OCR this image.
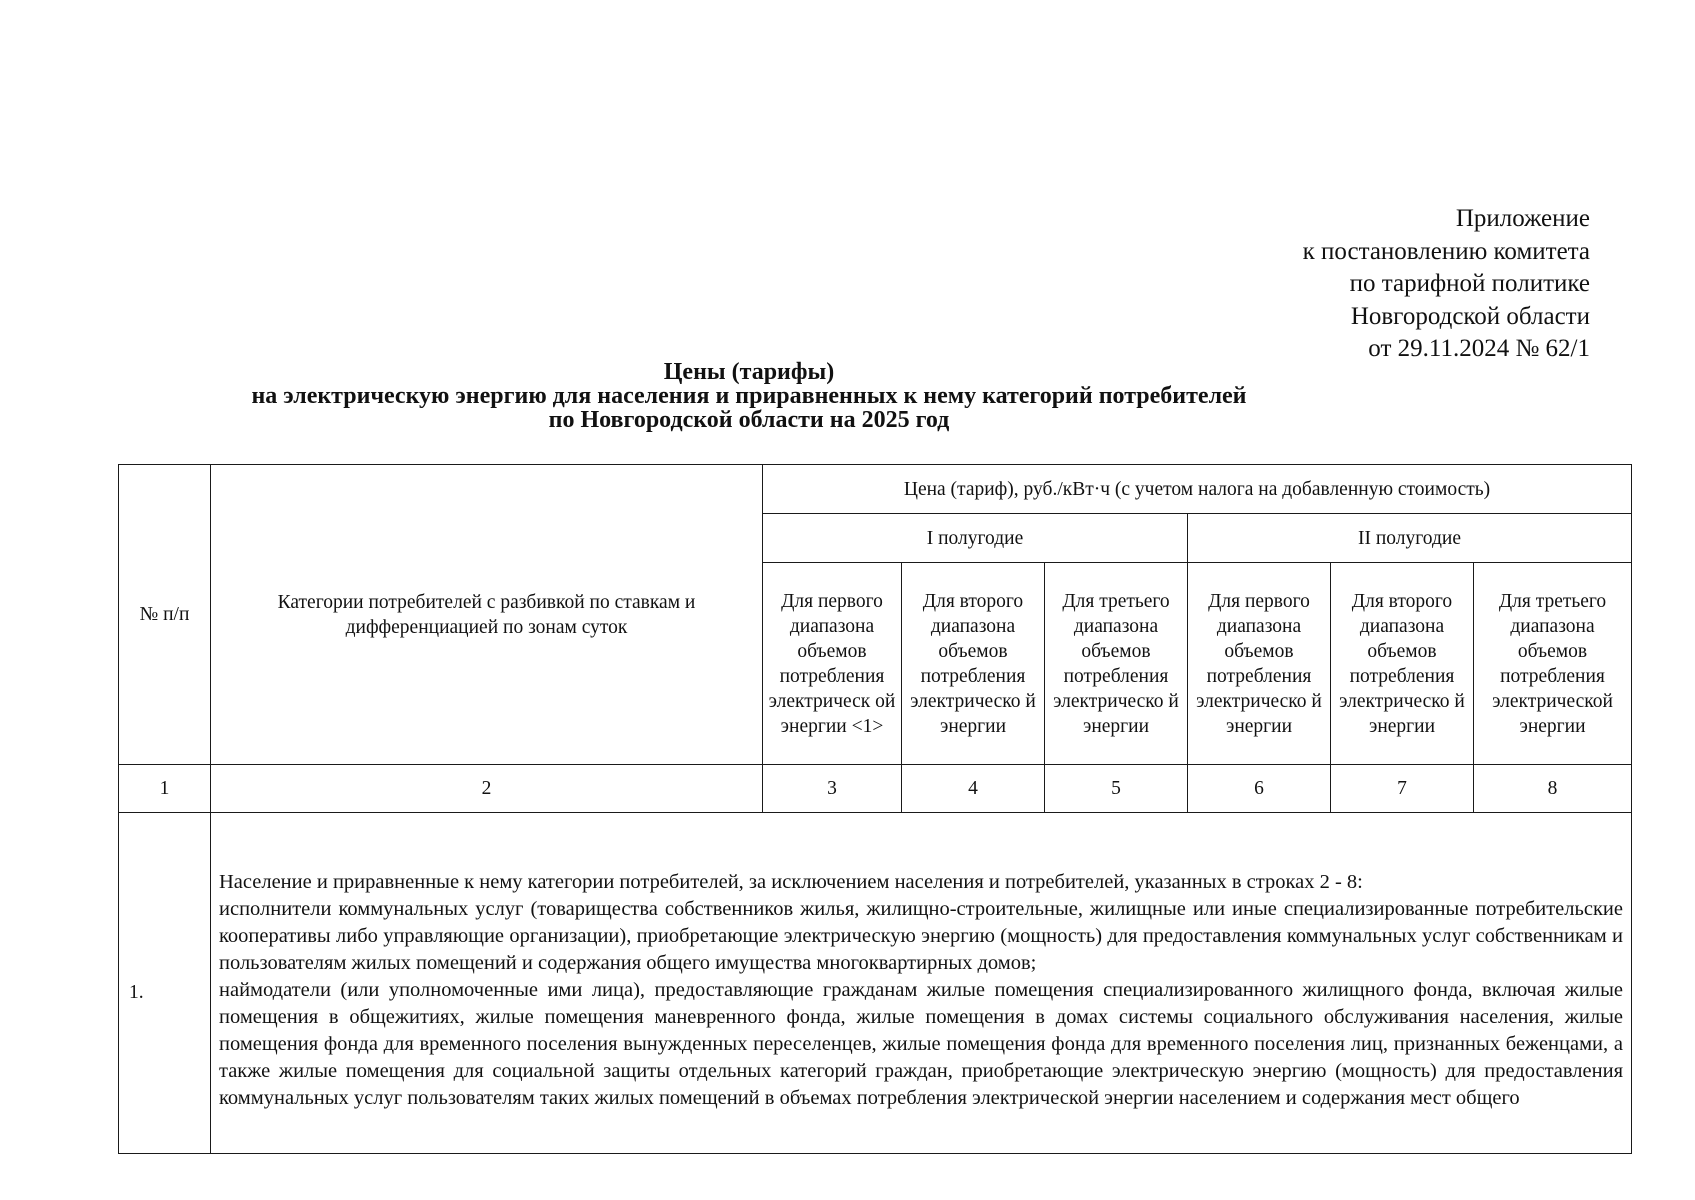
Приложение
к постановлению комитета
по тарифной политике
Новгородской области
от 29.11.2024 № 62/1
Цены (тарифы)
на электрическую энергию для населения и приравненных к нему категорий потребителей
по Новгородской области на 2025 год
№ п/п	Категории потребителей с разбивкой по ставкам и дифференциацией по зонам суток	Цена (тариф), руб./кВт·ч (с учетом налога на добавленную стоимость)					
		I полугодие			II полугодие		
		Для первого диапазона объемов потребления электрическ ой энергии <1>	Для второго диапазона объемов потребления электрическо й энергии	Для третьего диапазона объемов потребления электрическо й энергии	Для первого диапазона объемов потребления электрическо й энергии	Для второго диапазона объемов потребления электрическо й энергии	Для третьего диапазона объемов потребления электрической энергии
1	2	3	4	5	6	7	8
1.	Население и приравненные к нему категории потребителей, за исключением населения и потребителей, указанных в строках 2 - 8:

исполнители коммунальных услуг (товарищества собственников жилья, жилищно-строительные, жилищные или иные специализированные потребительские кооперативы либо управляющие организации), приобретающие электрическую энергию (мощность) для предоставления коммунальных услуг собственникам и пользователям жилых помещений и содержания общего имущества многоквартирных домов;

наймодатели (или уполномоченные ими лица), предоставляющие гражданам жилые помещения специализированного жилищного фонда, включая жилые помещения в общежитиях, жилые помещения маневренного фонда, жилые помещения в домах системы социального обслуживания населения, жилые помещения фонда для временного поселения вынужденных переселенцев, жилые помещения фонда для временного поселения лиц, признанных беженцами, а также жилые помещения для социальной защиты отдельных категорий граждан, приобретающие электрическую энергию (мощность) для предоставления коммунальных услуг пользователям таких жилых помещений в объемах потребления электрической энергии населением и содержания мест общего						
